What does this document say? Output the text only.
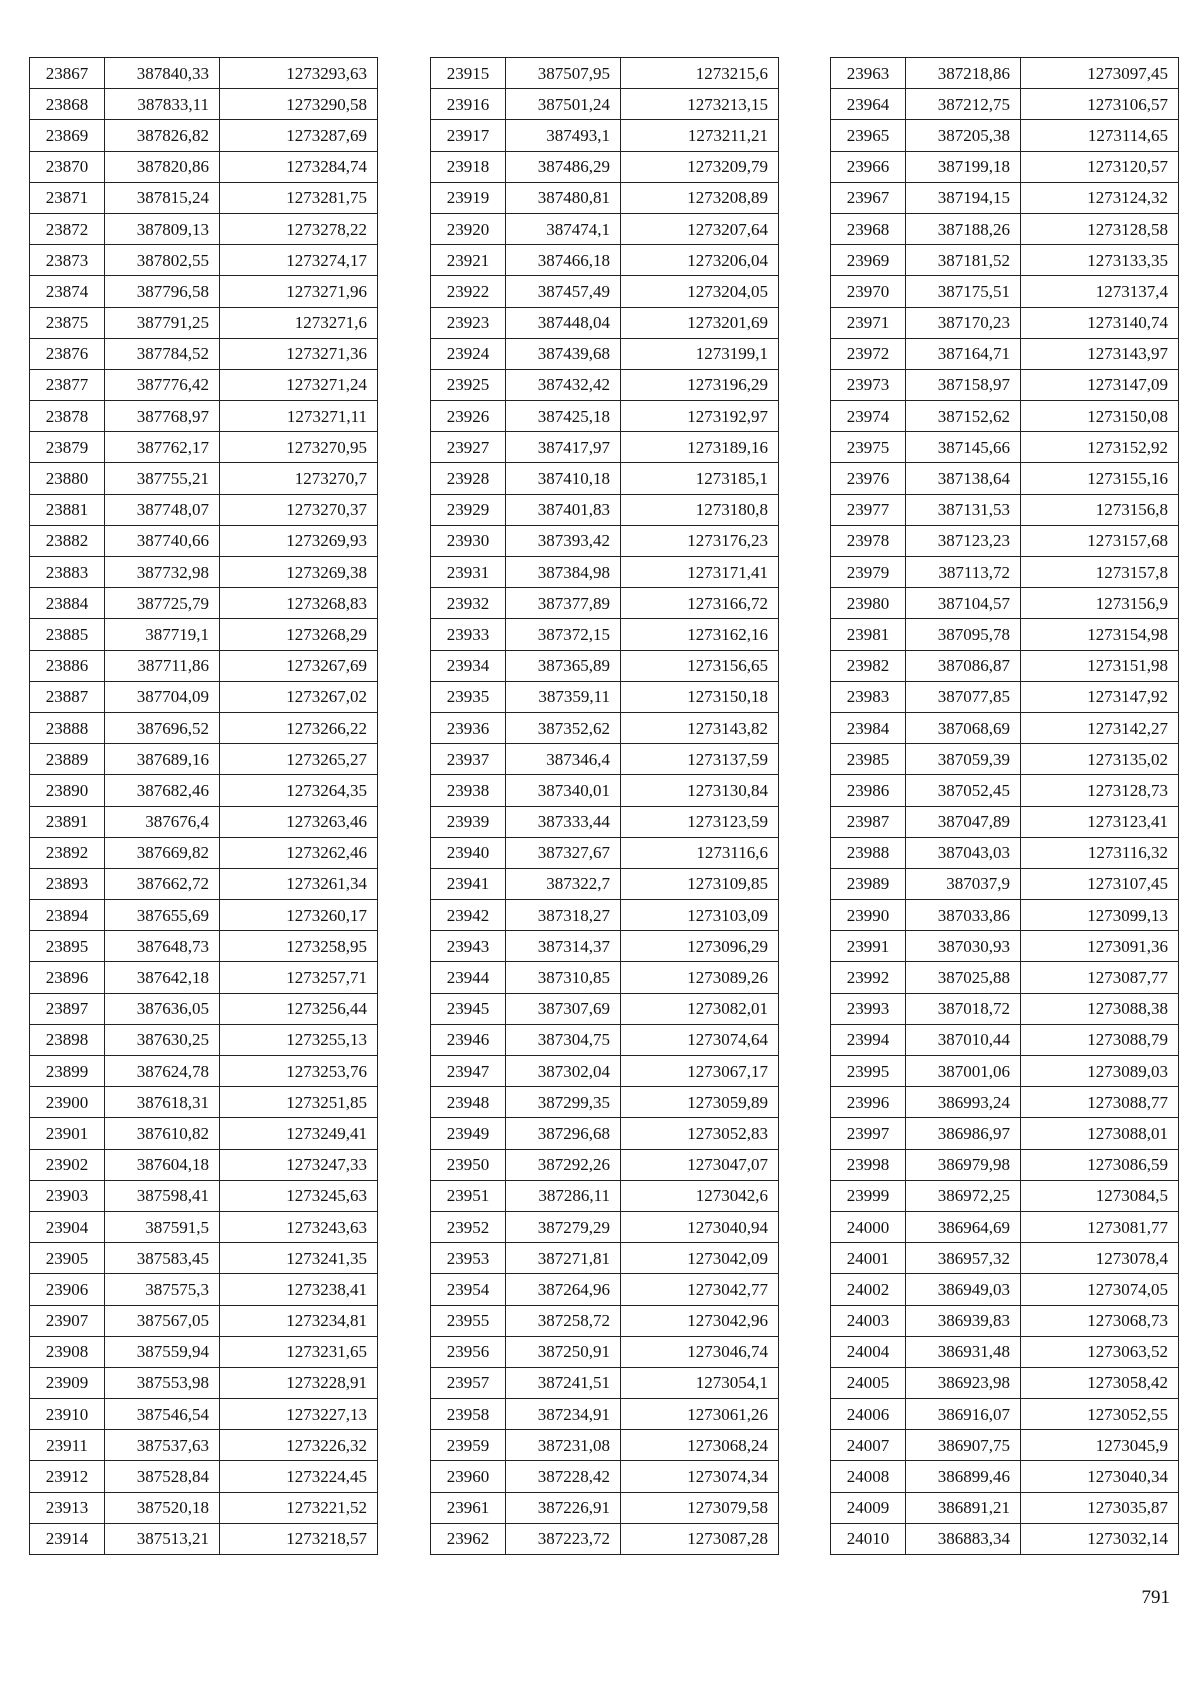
23867	387840,33	1273293,63
23868	387833,11	1273290,58
23869	387826,82	1273287,69
23870	387820,86	1273284,74
23871	387815,24	1273281,75
23872	387809,13	1273278,22
23873	387802,55	1273274,17
23874	387796,58	1273271,96
23875	387791,25	1273271,6
23876	387784,52	1273271,36
23877	387776,42	1273271,24
23878	387768,97	1273271,11
23879	387762,17	1273270,95
23880	387755,21	1273270,7
23881	387748,07	1273270,37
23882	387740,66	1273269,93
23883	387732,98	1273269,38
23884	387725,79	1273268,83
23885	387719,1	1273268,29
23886	387711,86	1273267,69
23887	387704,09	1273267,02
23888	387696,52	1273266,22
23889	387689,16	1273265,27
23890	387682,46	1273264,35
23891	387676,4	1273263,46
23892	387669,82	1273262,46
23893	387662,72	1273261,34
23894	387655,69	1273260,17
23895	387648,73	1273258,95
23896	387642,18	1273257,71
23897	387636,05	1273256,44
23898	387630,25	1273255,13
23899	387624,78	1273253,76
23900	387618,31	1273251,85
23901	387610,82	1273249,41
23902	387604,18	1273247,33
23903	387598,41	1273245,63
23904	387591,5	1273243,63
23905	387583,45	1273241,35
23906	387575,3	1273238,41
23907	387567,05	1273234,81
23908	387559,94	1273231,65
23909	387553,98	1273228,91
23910	387546,54	1273227,13
23911	387537,63	1273226,32
23912	387528,84	1273224,45
23913	387520,18	1273221,52
23914	387513,21	1273218,57
23915	387507,95	1273215,6
23916	387501,24	1273213,15
23917	387493,1	1273211,21
23918	387486,29	1273209,79
23919	387480,81	1273208,89
23920	387474,1	1273207,64
23921	387466,18	1273206,04
23922	387457,49	1273204,05
23923	387448,04	1273201,69
23924	387439,68	1273199,1
23925	387432,42	1273196,29
23926	387425,18	1273192,97
23927	387417,97	1273189,16
23928	387410,18	1273185,1
23929	387401,83	1273180,8
23930	387393,42	1273176,23
23931	387384,98	1273171,41
23932	387377,89	1273166,72
23933	387372,15	1273162,16
23934	387365,89	1273156,65
23935	387359,11	1273150,18
23936	387352,62	1273143,82
23937	387346,4	1273137,59
23938	387340,01	1273130,84
23939	387333,44	1273123,59
23940	387327,67	1273116,6
23941	387322,7	1273109,85
23942	387318,27	1273103,09
23943	387314,37	1273096,29
23944	387310,85	1273089,26
23945	387307,69	1273082,01
23946	387304,75	1273074,64
23947	387302,04	1273067,17
23948	387299,35	1273059,89
23949	387296,68	1273052,83
23950	387292,26	1273047,07
23951	387286,11	1273042,6
23952	387279,29	1273040,94
23953	387271,81	1273042,09
23954	387264,96	1273042,77
23955	387258,72	1273042,96
23956	387250,91	1273046,74
23957	387241,51	1273054,1
23958	387234,91	1273061,26
23959	387231,08	1273068,24
23960	387228,42	1273074,34
23961	387226,91	1273079,58
23962	387223,72	1273087,28
23963	387218,86	1273097,45
23964	387212,75	1273106,57
23965	387205,38	1273114,65
23966	387199,18	1273120,57
23967	387194,15	1273124,32
23968	387188,26	1273128,58
23969	387181,52	1273133,35
23970	387175,51	1273137,4
23971	387170,23	1273140,74
23972	387164,71	1273143,97
23973	387158,97	1273147,09
23974	387152,62	1273150,08
23975	387145,66	1273152,92
23976	387138,64	1273155,16
23977	387131,53	1273156,8
23978	387123,23	1273157,68
23979	387113,72	1273157,8
23980	387104,57	1273156,9
23981	387095,78	1273154,98
23982	387086,87	1273151,98
23983	387077,85	1273147,92
23984	387068,69	1273142,27
23985	387059,39	1273135,02
23986	387052,45	1273128,73
23987	387047,89	1273123,41
23988	387043,03	1273116,32
23989	387037,9	1273107,45
23990	387033,86	1273099,13
23991	387030,93	1273091,36
23992	387025,88	1273087,77
23993	387018,72	1273088,38
23994	387010,44	1273088,79
23995	387001,06	1273089,03
23996	386993,24	1273088,77
23997	386986,97	1273088,01
23998	386979,98	1273086,59
23999	386972,25	1273084,5
24000	386964,69	1273081,77
24001	386957,32	1273078,4
24002	386949,03	1273074,05
24003	386939,83	1273068,73
24004	386931,48	1273063,52
24005	386923,98	1273058,42
24006	386916,07	1273052,55
24007	386907,75	1273045,9
24008	386899,46	1273040,34
24009	386891,21	1273035,87
24010	386883,34	1273032,14
791
